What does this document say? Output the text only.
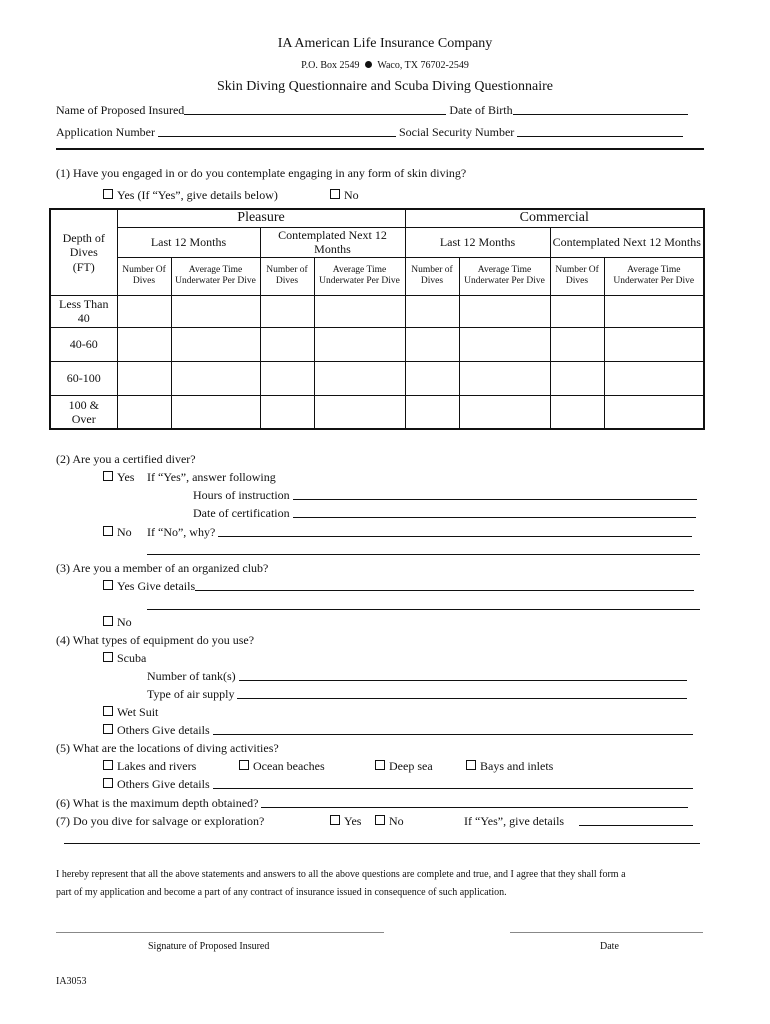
IA American Life Insurance Company
P.O. Box 2549 Waco, TX 76702-2549
Skin Diving Questionnaire and Scuba Diving Questionnaire
Name of Proposed Insured	Date of Birth
Application Number	Social Security Number
(1) Have you engaged in or do you contemplate engaging in any form of skin diving?
Yes (If “Yes”, give details below)	No
Depth of Dives (FT)	Pleasure				Commercial			
	Last 12 Months		Contemplated Next 12 Months		Last 12 Months		Contemplated Next 12 Months	
	Number Of Dives	Average Time Underwater Per Dive	Number of Dives	Average Time Underwater Per Dive	Number of Dives	Average Time Underwater Per Dive	Number Of Dives	Average Time Underwater Per Dive
Less Than 40								
40-60								
60-100								
100 & Over								
(2) Are you a certified diver?
Yes If “Yes”, answer following
Hours of instruction
Date of certification
No If “No”, why?
(3) Are you a member of an organized club?
Yes Give details
No
(4) What types of equipment do you use?
Scuba
Number of tank(s)
Type of air supply
Wet Suit
Others Give details
(5) What are the locations of diving activities?
Lakes and rivers	Ocean beaches	Deep sea	Bays and inlets
Others Give details
(6) What is the maximum depth obtained?
(7) Do you dive for salvage or exploration?	Yes	No	If “Yes”, give details
I hereby represent that all the above statements and answers to all the above questions are complete and true, and I agree that they shall form a
part of my application and become a part of any contract of insurance issued in consequence of such application.
Signature of Proposed Insured	Date
IA3053
